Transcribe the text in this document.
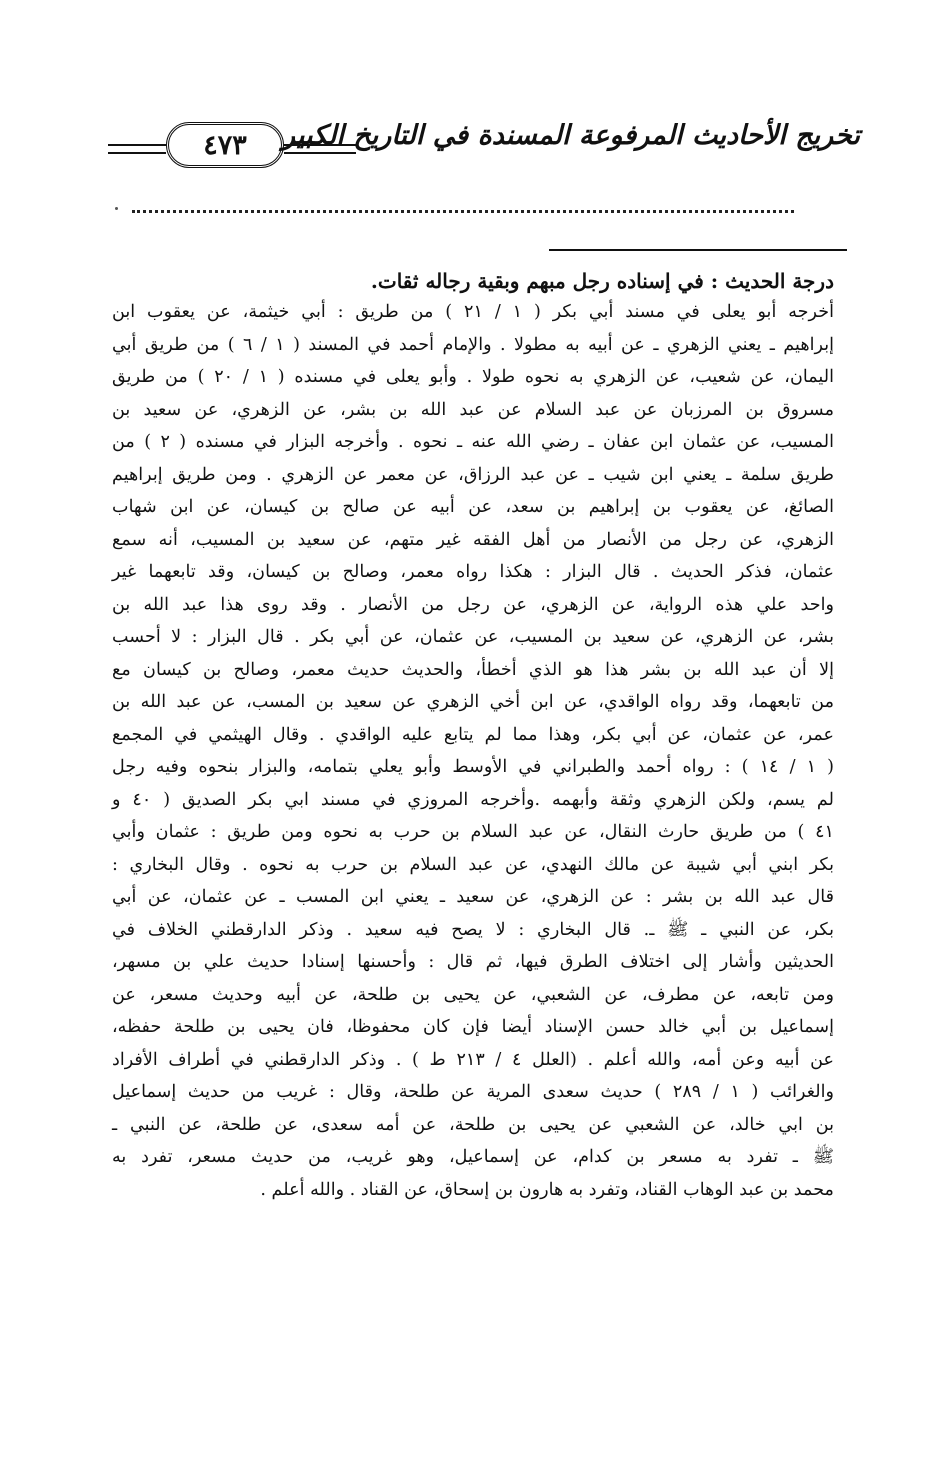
تخريج الأحاديث المرفوعة المسندة في التاريخ الكبير
٤٧٣

درجة الحديث : في إسناده رجل مبهم وبقية رجاله ثقات.

أخرجه أبو يعلى في مسند أبي بكر ( ١ / ٢١ ) من طريق : أبي خيثمة، عن يعقوب ابن

إبراهيم ـ يعني الزهري ـ عن أبيه به مطولا . والإمام أحمد في المسند ( ١ / ٦ ) من طريق أبي

اليمان، عن شعيب، عن الزهري به نحوه طولا . وأبو يعلى في مسنده ( ١ / ٢٠ ) من طريق

مسروق بن المرزبان عن عبد السلام عن عبد الله بن بشر، عن الزهري، عن سعيد بن

المسيب، عن عثمان ابن عفان ـ رضي الله عنه ـ نحوه . وأخرجه البزار في مسنده ( ٢ ) من

طريق سلمة ـ يعني ابن شيب ـ عن عبد الرزاق، عن معمر عن الزهري . ومن طريق إبراهيم

الصائغ، عن يعقوب بن إبراهيم بن سعد، عن أبيه عن صالح بن كيسان، عن ابن شهاب

الزهري، عن رجل من الأنصار من أهل الفقه غير متهم، عن سعيد بن المسيب، أنه سمع

عثمان، فذكر الحديث . قال البزار : هكذا رواه معمر، وصالح بن كيسان، وقد تابعهما غير

واحد علي هذه الرواية، عن الزهري، عن رجل من الأنصار . وقد روى هذا عبد الله بن

بشر، عن الزهري، عن سعيد بن المسيب، عن عثمان، عن أبي بكر . قال البزار : لا أحسب

إلا أن عبد الله بن بشر هذا هو الذي أخطأ، والحديث حديث معمر، وصالح بن كيسان مع

من تابعهما، وقد رواه الواقدي، عن ابن أخي الزهري عن سعيد بن المسب، عن عبد الله بن

عمر، عن عثمان، عن أبي بكر، وهذا مما لم يتابع عليه الواقدي . وقال الهيثمي في المجمع

( ١ / ١٤ ) : رواه أحمد والطبراني في الأوسط وأبو يعلي بتمامه، والبزار بنحوه وفيه رجل

لم يسم، ولكن الزهري وثقة وأبهمه .وأخرجه المروزي في مسند ابي بكر الصديق ( ٤٠ و

٤١ ) من طريق حارث النقال، عن عبد السلام بن حرب به نحوه ومن طريق : عثمان وأبي

بكر ابني أبي شيبة عن مالك النهدي، عن عبد السلام بن حرب به نحوه . وقال البخاري :

قال عبد الله بن بشر : عن الزهري، عن سعيد ـ يعني ابن المسب ـ عن عثمان، عن أبي

بكر، عن النبي ـ ﷺ ـ. قال البخاري : لا يصح فيه سعيد . وذكر الدارقطني الخلاف في

الحديثين وأشار إلى اختلاف الطرق فيها، ثم قال : وأحسنها إسنادا حديث علي بن مسهر،

ومن تابعه، عن مطرف، عن الشعبي، عن يحيى بن طلحة، عن أبيه وحديث مسعر، عن

إسماعيل بن أبي خالد حسن الإسناد أيضا فإن كان محفوظا، فان يحيى بن طلحة حفظه،

عن أبيه وعن أمه، والله أعلم . (العلل ٤ / ٢١٣ ط ) . وذكر الدارقطني في أطراف الأفراد

والغرائب ( ١ / ٢٨٩ ) حديث سعدى المرية عن طلحة، وقال : غريب من حديث إسماعيل

بن ابي خالد، عن الشعبي عن يحيى بن طلحة، عن أمه سعدى، عن طلحة، عن النبي ـ

ﷺ ـ تفرد به مسعر بن كدام، عن إسماعيل، وهو غريب، من حديث مسعر، تفرد به

محمد بن عبد الوهاب القناد، وتفرد به هارون بن إسحاق، عن القناد . والله أعلم .
